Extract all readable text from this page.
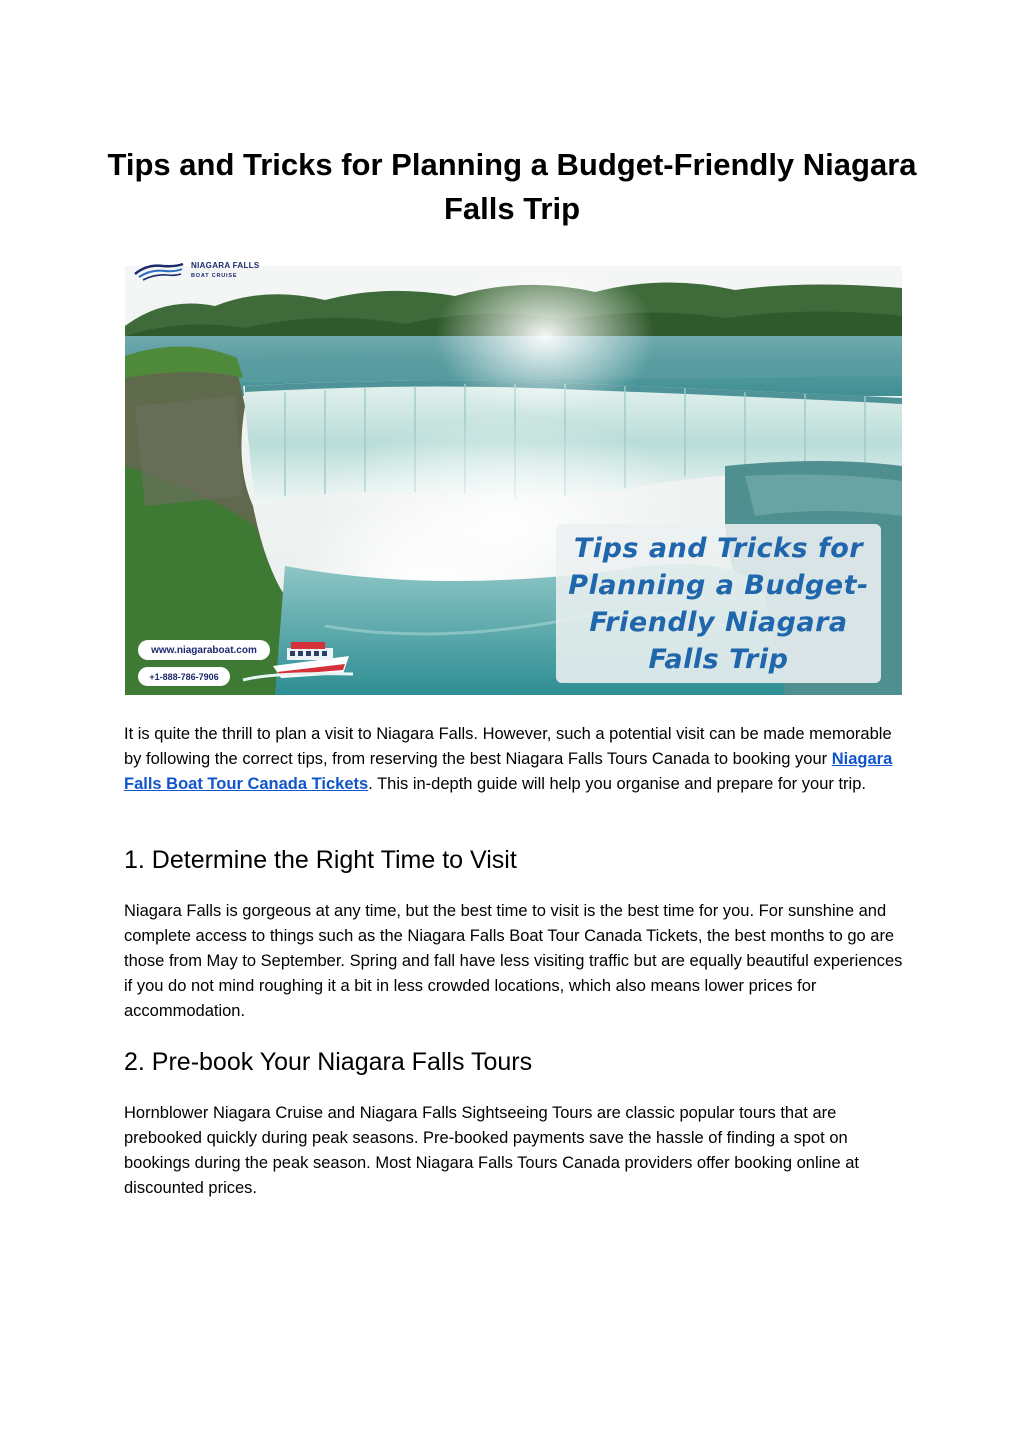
Tips and Tricks for Planning a Budget-Friendly Niagara Falls Trip
NIAGARA FALLS
BOAT CRUISE
Tips and Tricks for Planning a Budget-Friendly Niagara Falls Trip
www.niagaraboat.com
+1-888-786-7906

It is quite the thrill to plan a visit to Niagara Falls. However, such a potential visit can be made memorable by following the correct tips, from reserving the best Niagara Falls Tours Canada to booking your Niagara Falls Boat Tour Canada Tickets. This in-depth guide will help you organise and prepare for your trip.

1. Determine the Right Time to Visit

Niagara Falls is gorgeous at any time, but the best time to visit is the best time for you. For sunshine and complete access to things such as the Niagara Falls Boat Tour Canada Tickets, the best months to go are those from May to September. Spring and fall have less visiting traffic but are equally beautiful experiences if you do not mind roughing it a bit in less crowded locations, which also means lower prices for accommodation.

2. Pre-book Your Niagara Falls Tours

Hornblower Niagara Cruise and Niagara Falls Sightseeing Tours are classic popular tours that are prebooked quickly during peak seasons. Pre-booked payments save the hassle of finding a spot on bookings during the peak season. Most Niagara Falls Tours Canada providers offer booking online at discounted prices.
